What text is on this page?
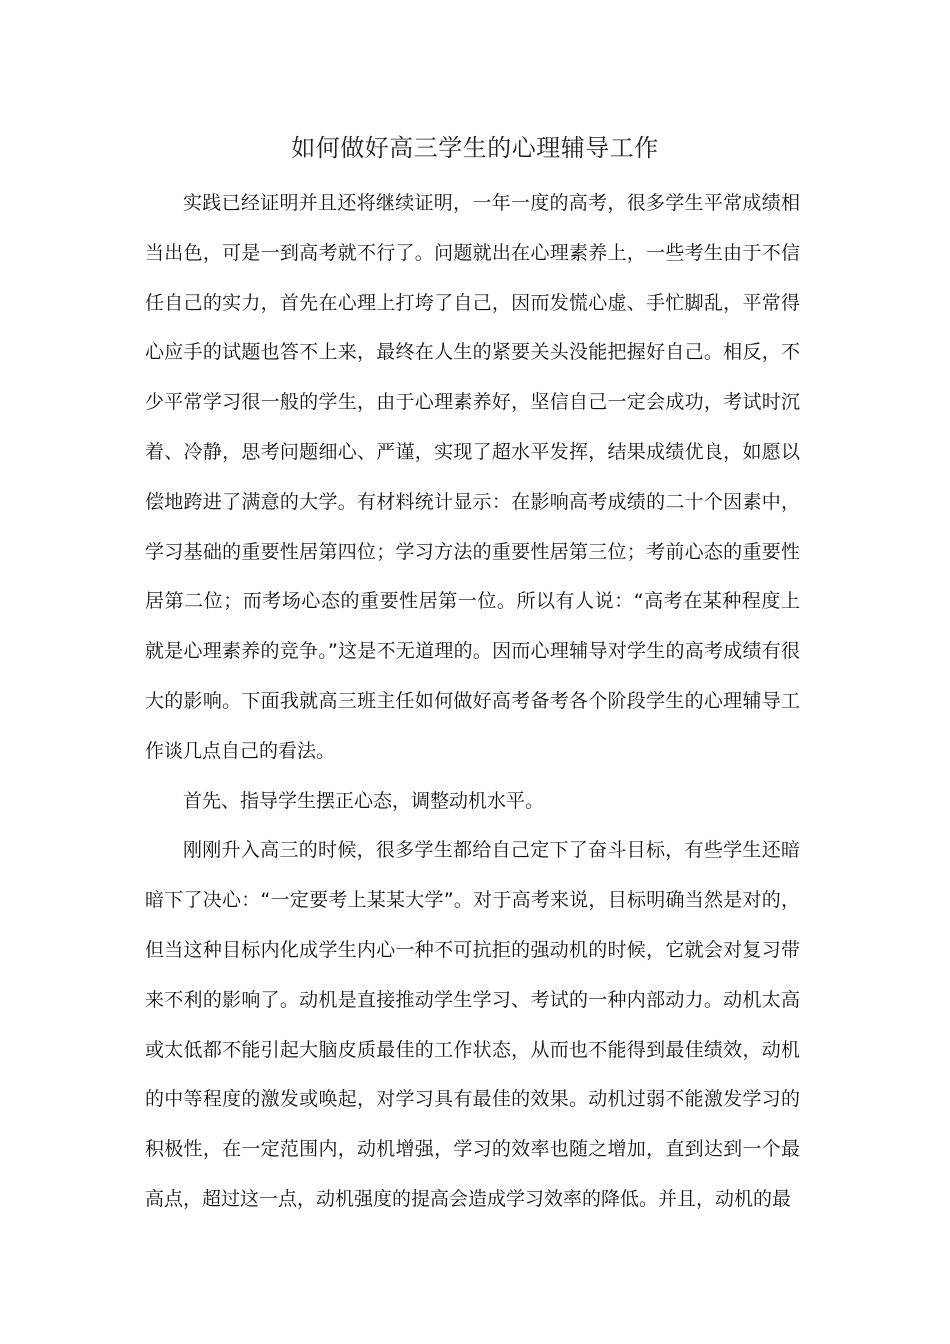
如何做好高三学生的心理辅导工作

实践已经证明并且还将继续证明，一年一度的高考，很多学生平常成绩相当出色，可是一到高考就不行了。问题就出在心理素养上，一些考生由于不信任自己的实力，首先在心理上打垮了自己，因而发慌心虚、手忙脚乱，平常得心应手的试题也答不上来，最终在人生的紧要关头没能把握好自己。相反，不少平常学习很一般的学生，由于心理素养好，坚信自己一定会成功，考试时沉着、冷静，思考问题细心、严谨，实现了超水平发挥，结果成绩优良，如愿以偿地跨进了满意的大学。有材料统计显示：在影响高考成绩的二十个因素中，学习基础的重要性居第四位；学习方法的重要性居第三位；考前心态的重要性居第二位；而考场心态的重要性居第一位。所以有人说：“高考在某种程度上就是心理素养的竞争。”这是不无道理的。因而心理辅导对学生的高考成绩有很大的影响。下面我就高三班主任如何做好高考备考各个阶段学生的心理辅导工作谈几点自己的看法。

首先、指导学生摆正心态，调整动机水平。

刚刚升入高三的时候，很多学生都给自己定下了奋斗目标，有些学生还暗暗下了决心：“一定要考上某某大学”。对于高考来说，目标明确当然是对的，但当这种目标内化成学生内心一种不可抗拒的强动机的时候，它就会对复习带来不利的影响了。动机是直接推动学生学习、考试的一种内部动力。动机太高或太低都不能引起大脑皮质最佳的工作状态，从而也不能得到最佳绩效，动机的中等程度的激发或唤起，对学习具有最佳的效果。动机过弱不能激发学习的积极性，在一定范围内，动机增强，学习的效率也随之增加，直到达到一个最高点，超过这一点，动机强度的提高会造成学习效率的降低。并且，动机的最
